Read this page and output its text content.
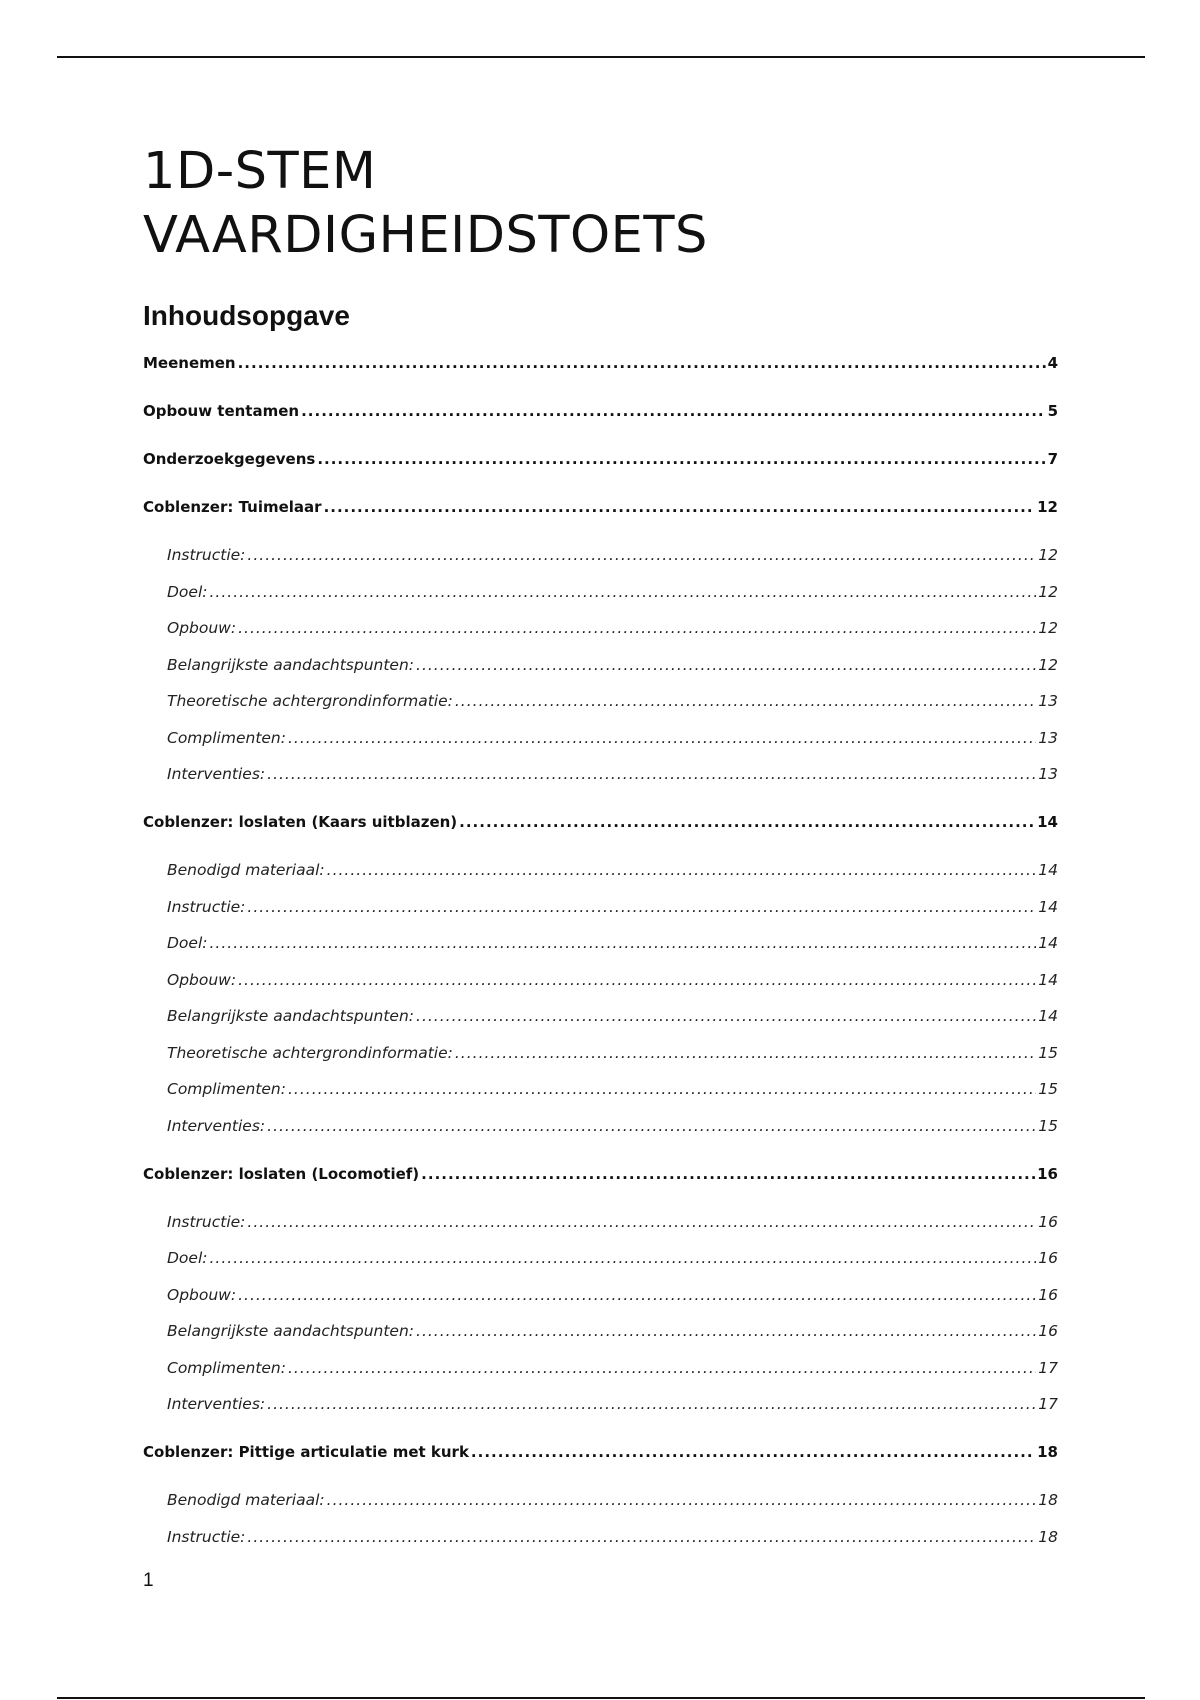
1D-STEM
VAARDIGHEIDSTOETS
Inhoudsopgave
Meenemen .....	4
Opbouw tentamen .....	5
Onderzoekgegevens .....	7
Coblenzer: Tuimelaar .....	12
Instructie: .....	12
Doel: .....	12
Opbouw: .....	12
Belangrijkste aandachtspunten: .....	12
Theoretische achtergrondinformatie: .....	13
Complimenten: .....	13
Interventies: .....	13
Coblenzer: loslaten (Kaars uitblazen) .....	14
Benodigd materiaal: .....	14
Instructie: .....	14
Doel: .....	14
Opbouw: .....	14
Belangrijkste aandachtspunten: .....	14
Theoretische achtergrondinformatie: .....	15
Complimenten: .....	15
Interventies: .....	15
Coblenzer: loslaten (Locomotief) .....	16
Instructie: .....	16
Doel: .....	16
Opbouw: .....	16
Belangrijkste aandachtspunten: .....	16
Complimenten: .....	17
Interventies: .....	17
Coblenzer: Pittige articulatie met kurk .....	18
Benodigd materiaal: .....	18
Instructie: .....	18
1
